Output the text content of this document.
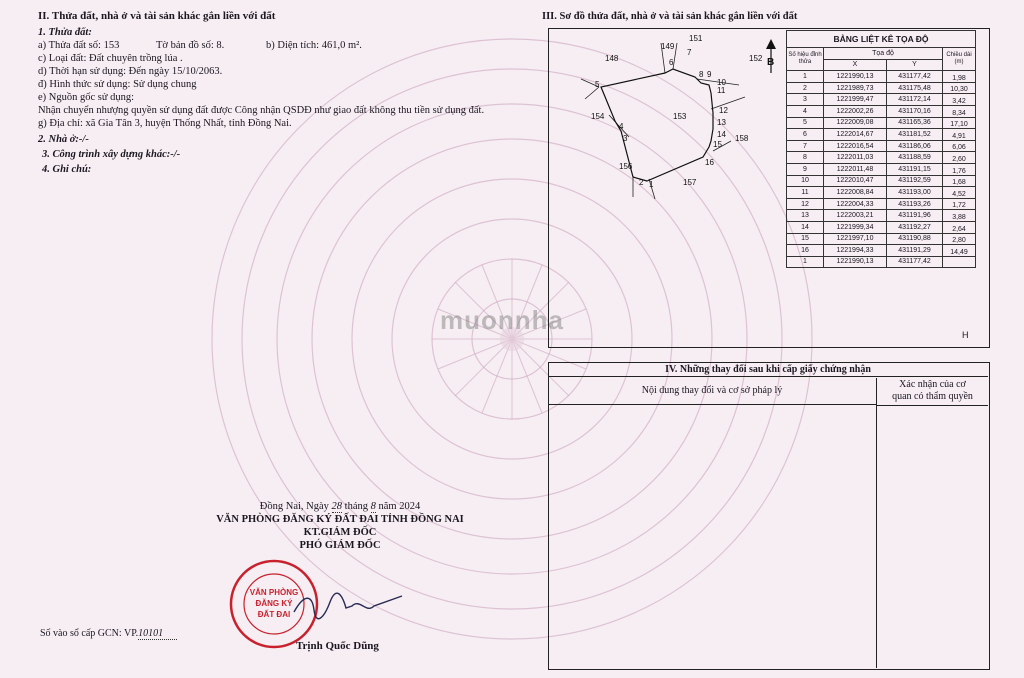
muonnha

II. Thửa đất, nhà ở và tài sản khác gắn liền với đất

1. Thửa đất:

a) Thửa đất số: 153	Tờ bản đồ số: 8.	b) Diện tích: 461,0 m².

c) Loại đất: Đất chuyên trồng lúa .

d) Thời hạn sử dụng: Đến ngày 15/10/2063.

đ) Hình thức sử dụng: Sử dụng chung

e) Nguồn gốc sử dụng:

Nhận chuyển nhượng quyền sử dụng đất được Công nhận QSDĐ như giao đất không thu tiền sử dụng đất.

g) Địa chỉ: xã Gia Tân 3, huyện Thống Nhất, tỉnh Đồng Nai.

2. Nhà ở:-/-

3. Công trình xây dựng khác:-/-

4. Ghi chú:

Đồng Nai, Ngày 28 tháng 8 năm 2024

VĂN PHÒNG ĐĂNG KÝ ĐẤT ĐAI TỈNH ĐỒNG NAI

KT.GIÁM ĐỐC

PHÓ GIÁM ĐỐC

VĂN PHÒNG
ĐĂNG KÝ
ĐẤT ĐAI
Số vào sổ cấp GCN: VP.10101
Trịnh Quốc Dũng
III. Sơ đồ thửa đất, nhà ở và tài sản khác gắn liền với đất
1
2
3
4
5
6
7
8 9
10
11
12
13
14
15
16
148
149
151
152
153
154
156
157
158
B
H
BẢNG LIỆT KÊ TỌA ĐỘ			
Số hiệu đỉnh thửa	Tọa độ		Chiều dài (m)
	X	Y	
1	1221990,13	431177,42	1,98
2	1221989,73	431175,48	10,30
3	1221999,47	431172,14	3,42
4	1222002,26	431170,16	8,34
5	1222009,08	431165,36	17,10
6	1222014,67	431181,52	4,91
7	1222016,54	431186,06	6,06
8	1222011,03	431188,59	2,60
9	1222011,48	431191,15	1,76
10	1222010,47	431192,59	1,68
11	1222008,84	431193,00	4,52
12	1222004,33	431193,26	1,72
13	1222003,21	431191,96	3,88
14	1221999,34	431192,27	2,64
15	1221997,10	431190,88	2,80
16	1221994,33	431191,29	14,49
1	1221990,13	431177,42	
IV. Những thay đổi sau khi cấp giấy chứng nhận
Nội dung thay đổi và cơ sở pháp lý
Xác nhận của cơ
quan có thẩm quyền
